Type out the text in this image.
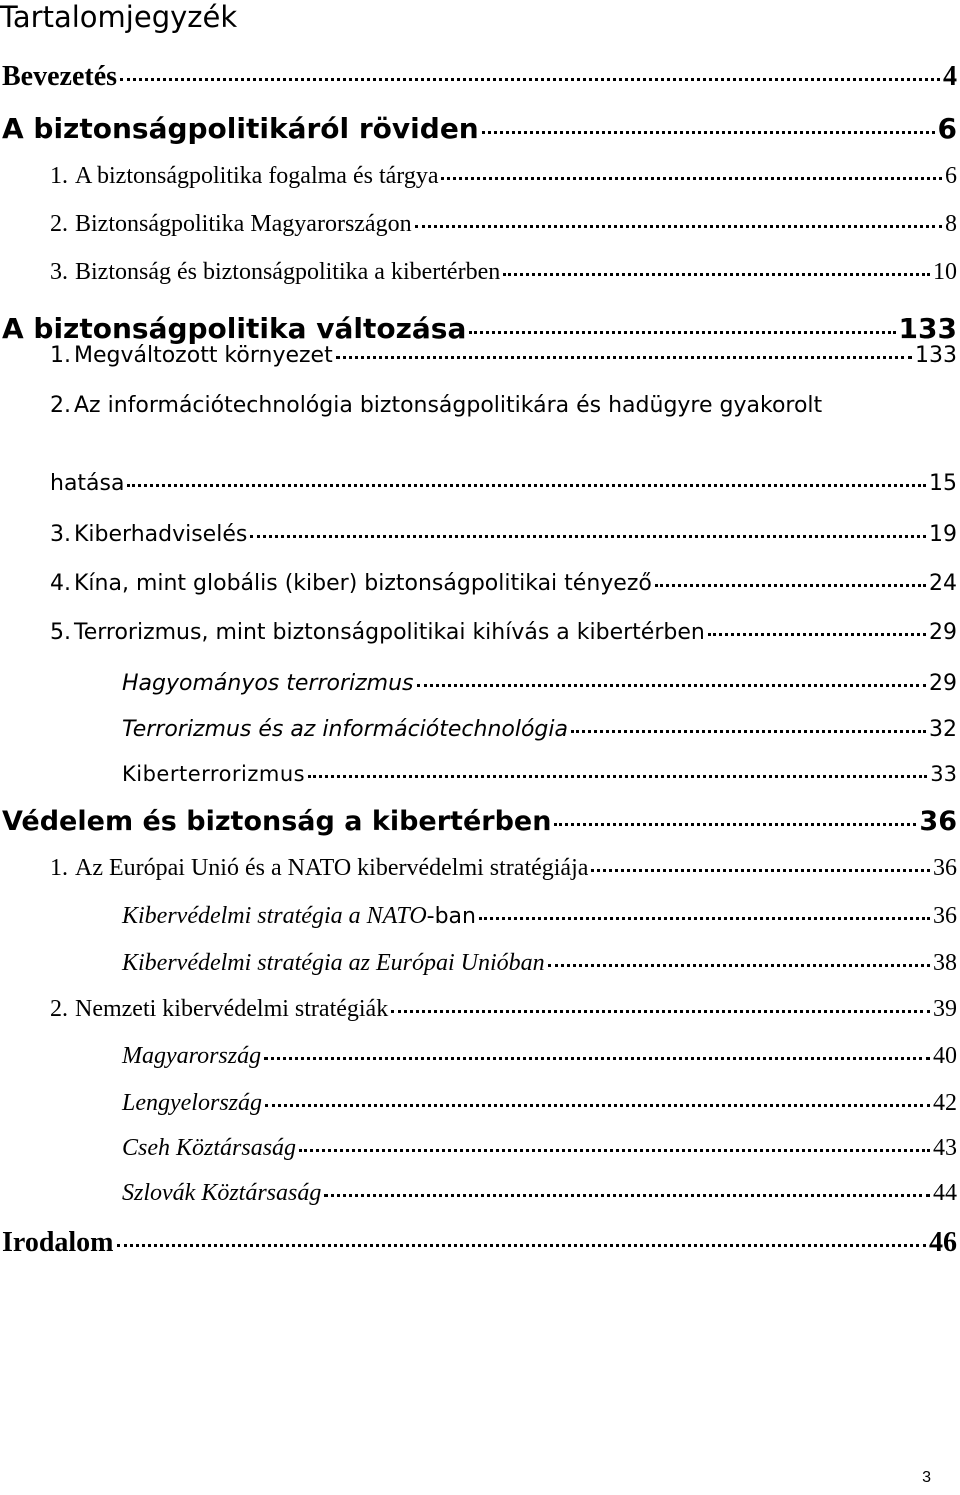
Tartalomjegyzék
Bevezetés	4
A biztonságpolitikáról röviden	6
1. A biztonságpolitika fogalma és tárgya	6
2. Biztonságpolitika Magyarországon	8
3. Biztonság és biztonságpolitika a kibertérben	10
A biztonságpolitika változása	133
1. Megváltozott környezet	133
2. Az információtechnológia biztonságpolitikára és hadügyre gyakorolt
hatása	15
3. Kiberhadviselés	19
4. Kína, mint globális (kiber) biztonságpolitikai tényező	24
5. Terrorizmus, mint biztonságpolitikai kihívás a kibertérben	29
Hagyományos terrorizmus	29
Terrorizmus és az információtechnológia	32
Kiberterrorizmus	33
Védelem és biztonság a kibertérben	36
1. Az Európai Unió és a NATO kibervédelmi stratégiája	36
Kibervédelmi stratégia a NATO-ban	36
Kibervédelmi stratégia az Európai Unióban	38
2. Nemzeti kibervédelmi stratégiák	39
Magyarország	40
Lengyelország	42
Cseh Köztársaság	43
Szlovák Köztársaság	44
Irodalom	46
3
